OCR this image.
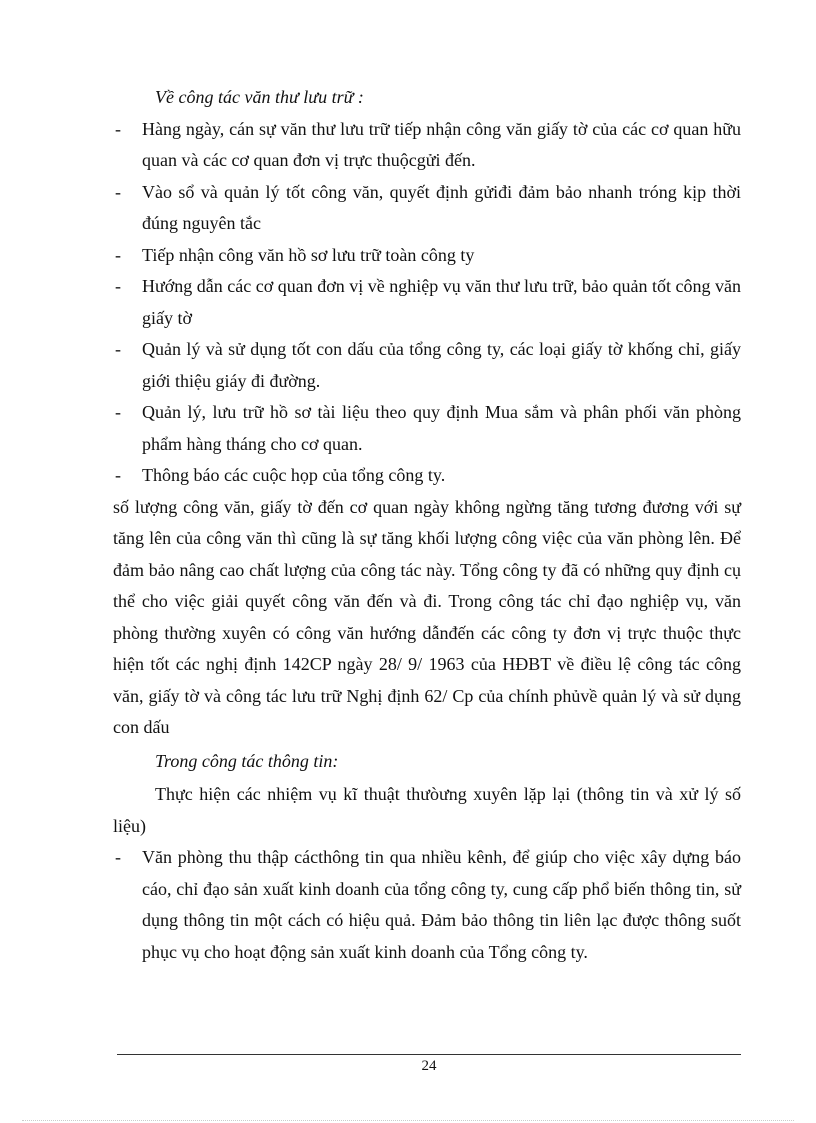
Về công tác văn thư lưu trữ :

- Hàng ngày, cán sự văn thư lưu trữ tiếp nhận công văn giấy tờ của các cơ quan hữu quan và các cơ quan đơn vị trực thuộcgửi đến.
- Vào sổ và quản lý tốt công văn, quyết định gửiđi đảm bảo nhanh tróng kịp thời đúng nguyên tắc
- Tiếp nhận công văn hồ sơ lưu trữ toàn công ty
- Hướng dẫn các cơ quan đơn vị về nghiệp vụ văn thư lưu trữ, bảo quản tốt công văn giấy tờ
- Quản lý và sử dụng tốt con dấu của tổng công ty, các loại giấy tờ khống chỉ, giấy giới thiệu giáy đi đường.
- Quản lý, lưu trữ hồ sơ tài liệu theo quy định Mua sắm và phân phối văn phòng phẩm hàng tháng cho cơ quan.
- Thông báo các cuộc họp của tổng công ty.

số lượng công văn, giấy tờ đến cơ quan ngày không ngừng tăng tương đương với sự tăng lên của công văn thì cũng là sự tăng khối lượng công việc của văn phòng lên. Để đảm bảo nâng cao chất lượng của công tác này. Tổng công ty đã có những quy định cụ thể cho việc giải quyết công văn đến và đi. Trong công tác chỉ đạo nghiệp vụ, văn phòng thường xuyên có công văn hướng dẫnđến các công ty đơn vị trực thuộc thực hiện tốt các nghị định 142CP ngày 28/ 9/ 1963 của HĐBT về điều lệ công tác công văn, giấy tờ và công tác lưu trữ Nghị định 62/ Cp của chính phủvề quản lý và sử dụng con dấu

Trong công tác thông tin:

Thực hiện các nhiệm vụ kĩ thuật thưòưng xuyên lặp lại (thông tin và xử lý số liệu)

- Văn phòng thu thập cácthông tin qua nhiều kênh, để giúp cho việc xây dựng báo cáo, chỉ đạo sản xuất kinh doanh của tổng công ty, cung cấp phổ biến thông tin, sử dụng thông tin một cách có hiệu quả. Đảm bảo thông tin liên lạc được thông suốt phục vụ cho hoạt động sản xuất kinh doanh của Tổng công ty.
24
